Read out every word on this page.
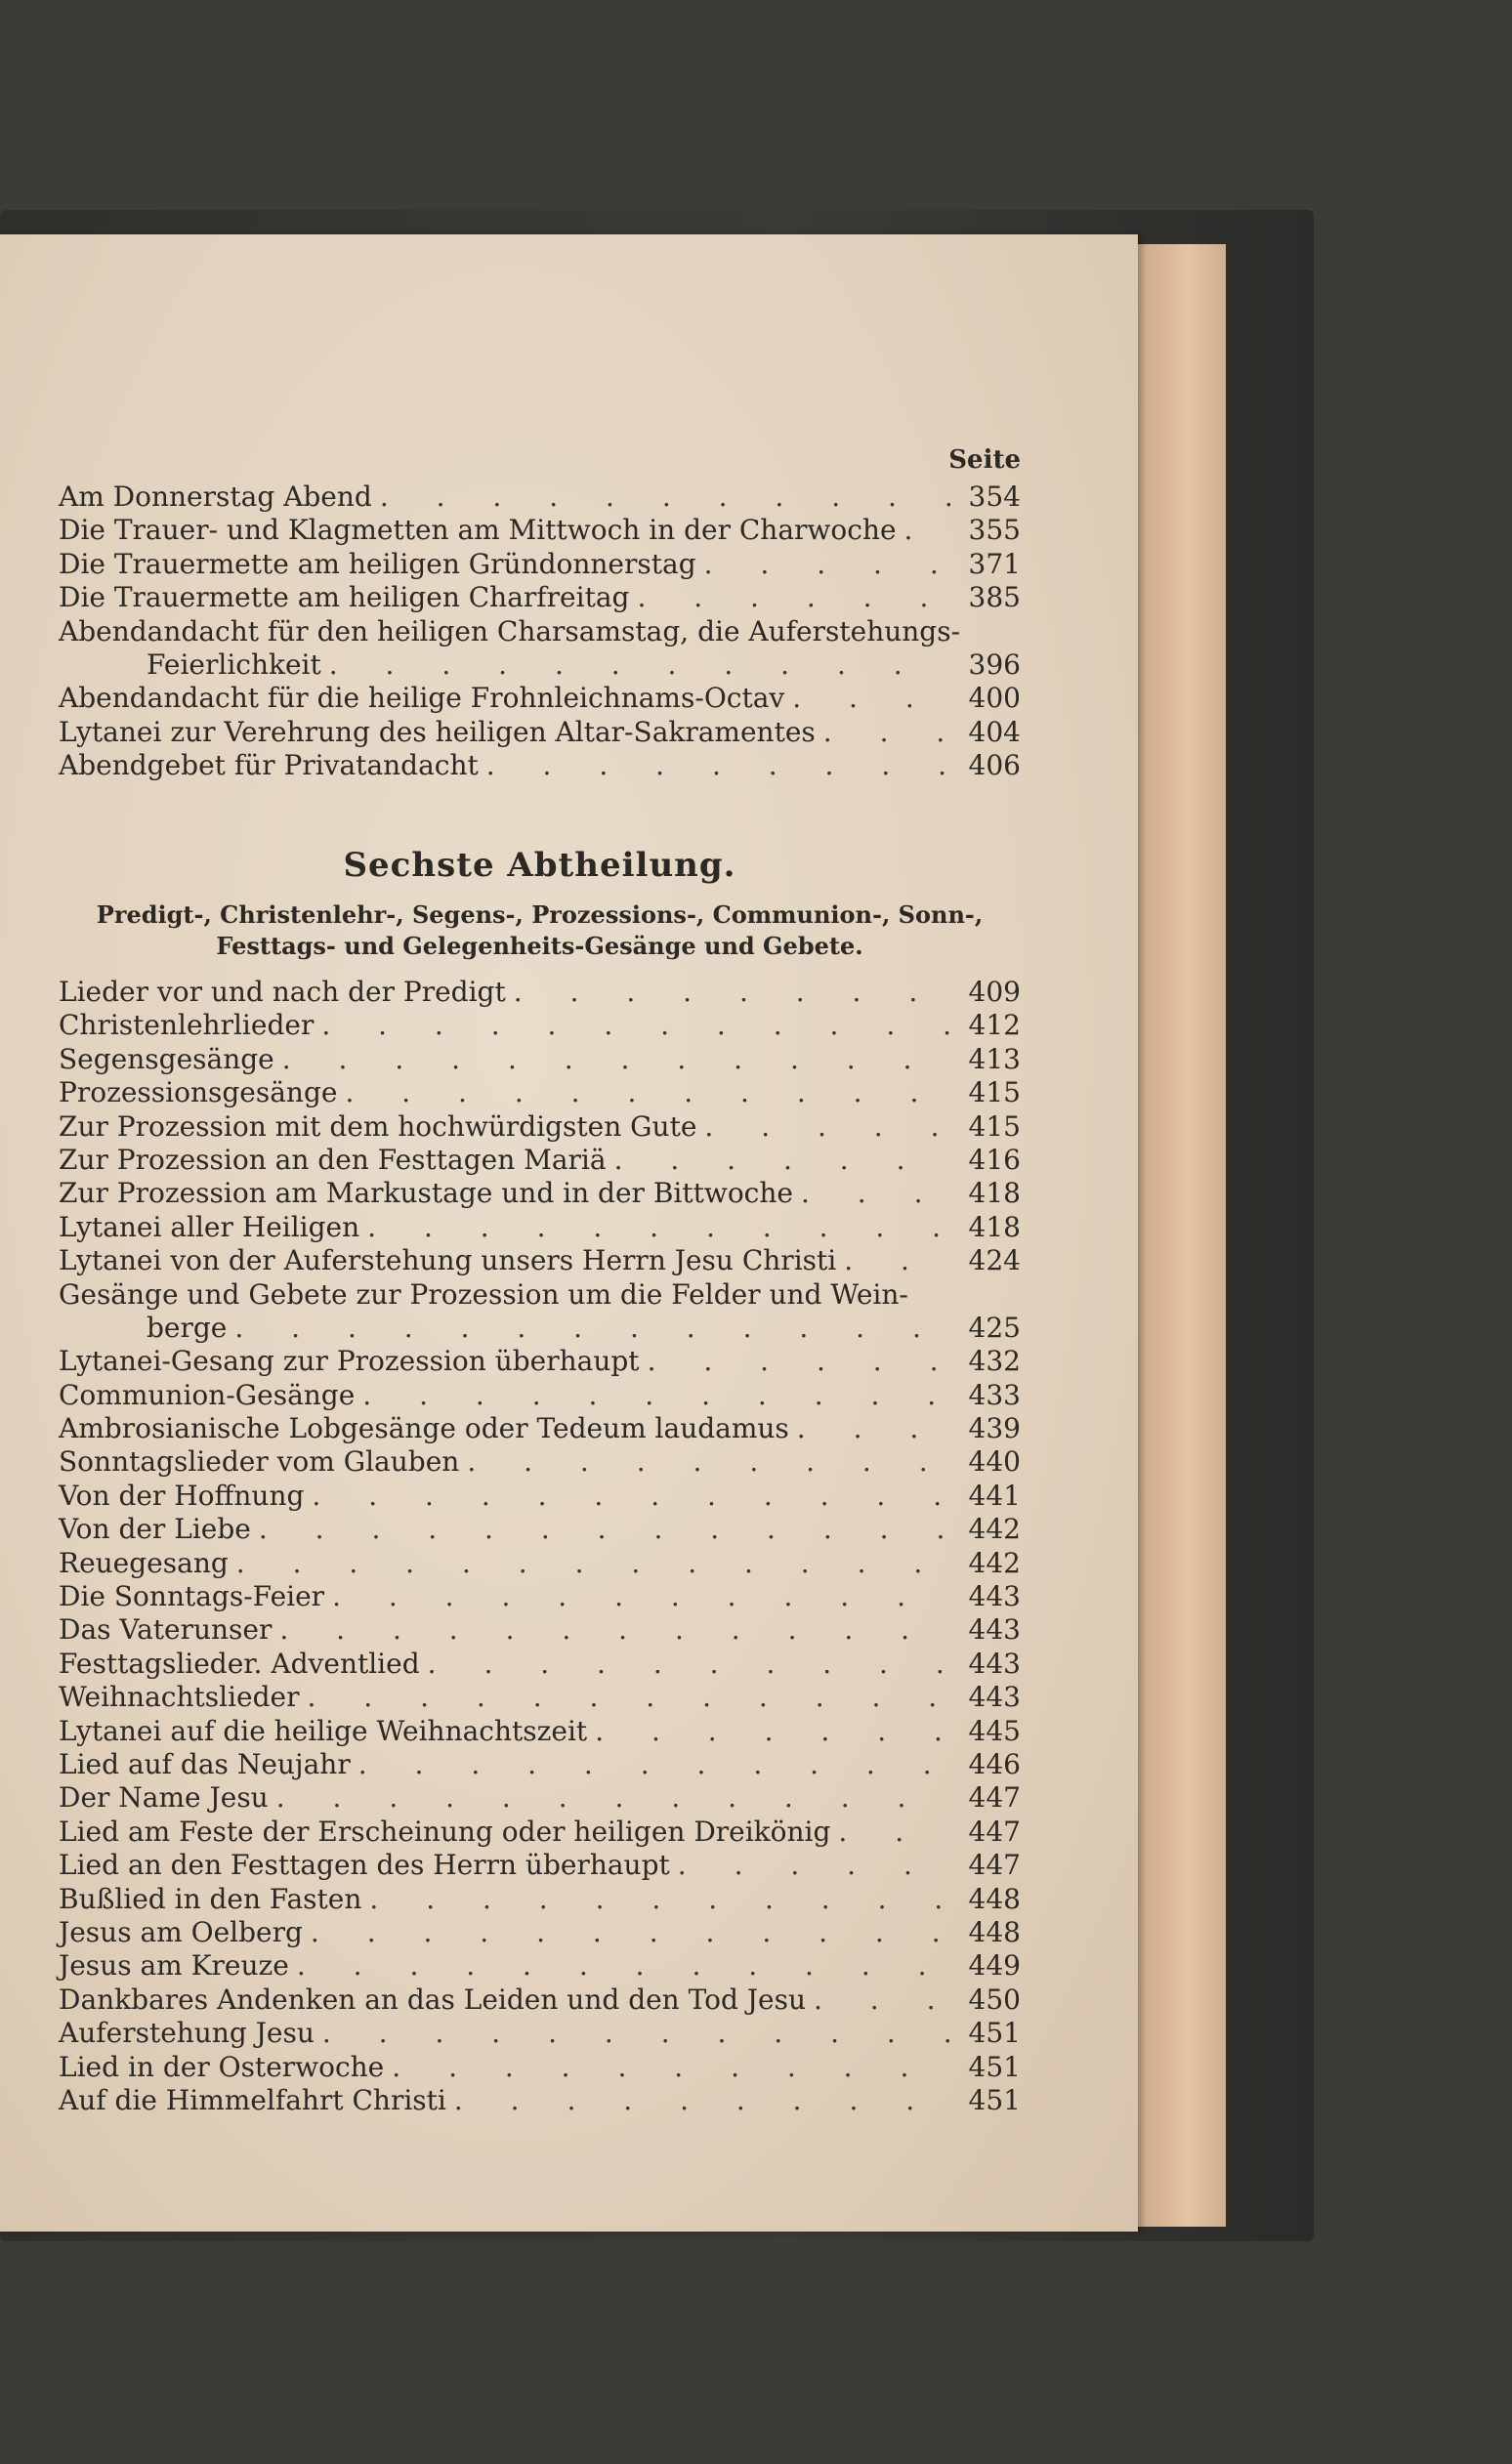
Seite
Am Donnerstag Abend . . .	354
Die Trauer- und Klagmetten am Mittwoch in der Charwoche . . .	355
Die Trauermette am heiligen Gründonnerstag . . .	371
Die Trauermette am heiligen Charfreitag . . .	385
Abendandacht für den heiligen Charsamstag, die Auferstehungs-
Feierlichkeit . . .	396
Abendandacht für die heilige Frohnleichnams-Octav . . .	400
Lytanei zur Verehrung des heiligen Altar-Sakramentes . . .	404
Abendgebet für Privatandacht . . .	406
Sechste Abtheilung.
Predigt-, Christenlehr-, Segens-, Prozessions-, Communion-, Sonn-,
Festtags- und Gelegenheits-Gesänge und Gebete.
Lieder vor und nach der Predigt . . .	409
Christenlehrlieder . . .	412
Segensgesänge . . .	413
Prozessionsgesänge . . .	415
Zur Prozession mit dem hochwürdigsten Gute . . .	415
Zur Prozession an den Festtagen Mariä . . .	416
Zur Prozession am Markustage und in der Bittwoche . . .	418
Lytanei aller Heiligen . . .	418
Lytanei von der Auferstehung unsers Herrn Jesu Christi . . .	424
Gesänge und Gebete zur Prozession um die Felder und Wein-
berge . . .	425
Lytanei-Gesang zur Prozession überhaupt . . .	432
Communion-Gesänge . . .	433
Ambrosianische Lobgesänge oder Tedeum laudamus . . .	439
Sonntagslieder vom Glauben . . .	440
Von der Hoffnung . . .	441
Von der Liebe . . .	442
Reuegesang . . .	442
Die Sonntags-Feier . . .	443
Das Vaterunser . . .	443
Festtagslieder. Adventlied . . .	443
Weihnachtslieder . . .	443
Lytanei auf die heilige Weihnachtszeit . . .	445
Lied auf das Neujahr . . .	446
Der Name Jesu . . .	447
Lied am Feste der Erscheinung oder heiligen Dreikönig . . .	447
Lied an den Festtagen des Herrn überhaupt . . .	447
Bußlied in den Fasten . . .	448
Jesus am Oelberg . . .	448
Jesus am Kreuze . . .	449
Dankbares Andenken an das Leiden und den Tod Jesu . . .	450
Auferstehung Jesu . . .	451
Lied in der Osterwoche . . .	451
Auf die Himmelfahrt Christi . . .	451
